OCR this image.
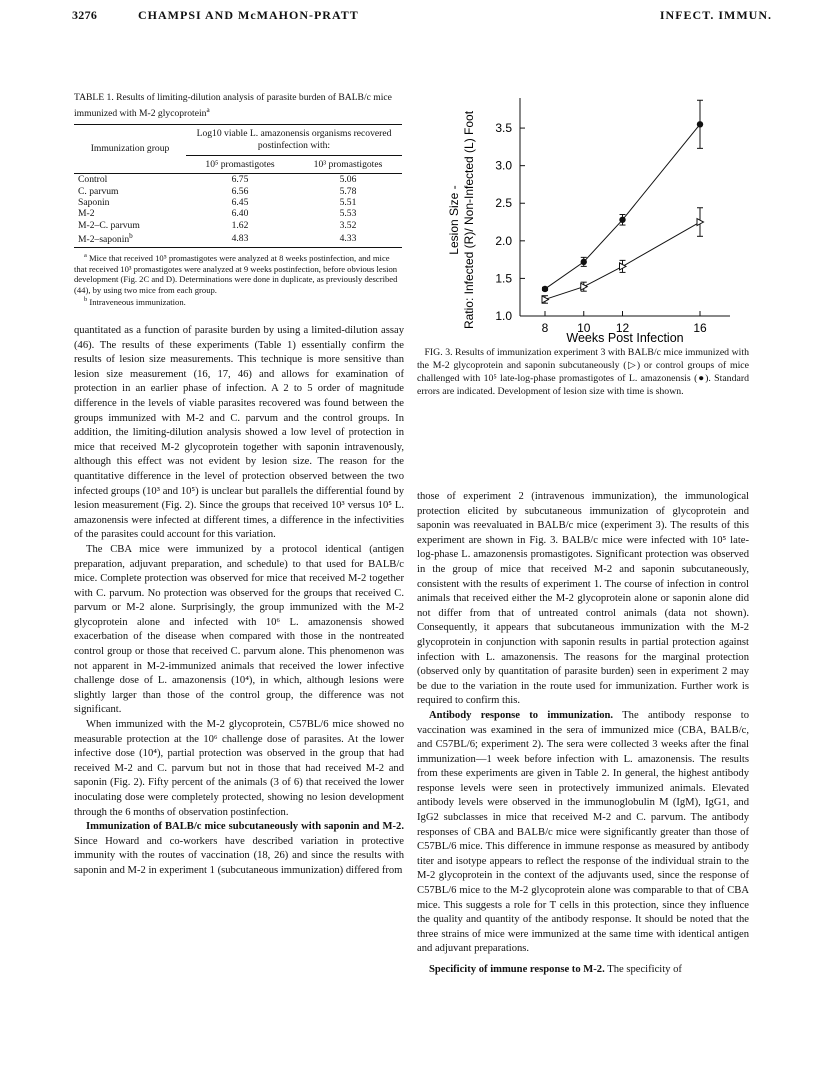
3276	CHAMPSI AND McMAHON-PRATT	INFECT. IMMUN.
TABLE 1. Results of limiting-dilution analysis of parasite burden of BALB/c mice immunized with M-2 glycoprotein$^a$
Immunization group	Log10 viable L. amazonensis organisms recovered postinfection with:	
	10⁵ promastigotes	10³ promastigotes
Control	6.75	5.06
C. parvum	6.56	5.78
Saponin	6.45	5.51
M-2	6.40	5.53
M-2–C. parvum	1.62	3.52
M-2–saponin$^b$	4.83	4.33
$^a$ Mice that received 10⁵ promastigotes were analyzed at 8 weeks postinfection, and mice that received 10³ promastigotes were analyzed at 9 weeks postinfection, before obvious lesion development (Fig. 2C and D). Determinations were done in duplicate, as previously described (44), by using two mice from each group.
$^b$ Intraveneous immunization.
Lesion Size - Ratio: Infected (R)/ Non-Infected (L) Foot 1.0
1.5
2.0
2.5
3.0
3.5
8 10 12	16
Weeks Post Infection
FIG. 3. Results of immunization experiment 3 with BALB/c mice immunized with the M-2 glycoprotein and saponin subcutaneously (▷) or control groups of mice challenged with 10⁵ late-log-phase promastigotes of L. amazonensis (●). Standard errors are indicated. Development of lesion size with time is shown.

quantitated as a function of parasite burden by using a limited-dilution assay (46). The results of these experiments (Table 1) essentially confirm the results of lesion size measurements. This technique is more sensitive than lesion size measurement (16, 17, 46) and allows for examination of protection in an earlier phase of infection. A 2 to 5 order of magnitude difference in the levels of viable parasites recovered was found between the groups immunized with M-2 and C. parvum and the control groups. In addition, the limiting-dilution analysis showed a low level of protection in mice that received M-2 glycoprotein together with saponin intravenously, although this effect was not evident by lesion size. The reason for the quantitative difference in the level of protection observed between the two infected groups (10³ and 10⁵) is unclear but parallels the differential found by lesion measurement (Fig. 2). Since the groups that received 10³ versus 10⁵ L. amazonensis were infected at different times, a difference in the infectivities of the parasites could account for this variation.

The CBA mice were immunized by a protocol identical (antigen preparation, adjuvant preparation, and schedule) to that used for BALB/c mice. Complete protection was observed for mice that received M-2 together with C. parvum. No protection was observed for the groups that received C. parvum or M-2 alone. Surprisingly, the group immunized with the M-2 glycoprotein alone and infected with 10⁶ L. amazonensis showed exacerbation of the disease when compared with those in the nontreated control group or those that received C. parvum alone. This phenomenon was not apparent in M-2-immunized animals that received the lower infective challenge dose of L. amazonensis (10⁴), in which, although lesions were slightly larger than those of the control group, the difference was not significant.

When immunized with the M-2 glycoprotein, C57BL/6 mice showed no measurable protection at the 10⁶ challenge dose of parasites. At the lower infective dose (10⁴), partial protection was observed in the group that had received M-2 and C. parvum but not in those that had received M-2 and saponin (Fig. 2). Fifty percent of the animals (3 of 6) that received the lower inoculating dose were completely protected, showing no lesion development through the 6 months of observation postinfection.

Immunization of BALB/c mice subcutaneously with saponin and M-2. Since Howard and co-workers have described variation in protective immunity with the routes of vaccination (18, 26) and since the results with saponin and M-2 in experiment 1 (subcutaneous immunization) differed from

those of experiment 2 (intravenous immunization), the immunological protection elicited by subcutaneous immunization of glycoprotein and saponin was reevaluated in BALB/c mice (experiment 3). The results of this experiment are shown in Fig. 3. BALB/c mice were infected with 10⁵ late-log-phase L. amazonensis promastigotes. Significant protection was observed in the group of mice that received M-2 and saponin subcutaneously, consistent with the results of experiment 1. The course of infection in control animals that received either the M-2 glycoprotein alone or saponin alone did not differ from that of untreated control animals (data not shown). Consequently, it appears that subcutaneous immunization with the M-2 glycoprotein in conjunction with saponin results in partial protection against infection with L. amazonensis. The reasons for the marginal protection (observed only by quantitation of parasite burden) seen in experiment 2 may be due to the variation in the route used for immunization. Further work is required to confirm this.

Antibody response to immunization. The antibody response to vaccination was examined in the sera of immunized mice (CBA, BALB/c, and C57BL/6; experiment 2). The sera were collected 3 weeks after the final immunization—1 week before infection with L. amazonensis. The results from these experiments are given in Table 2. In general, the highest antibody response levels were seen in protectively immunized animals. Elevated antibody levels were observed in the immunoglobulin M (IgM), IgG1, and IgG2 subclasses in mice that received M-2 and C. parvum. The antibody responses of CBA and BALB/c mice were significantly greater than those of C57BL/6 mice. This difference in immune response as measured by antibody titer and isotype appears to reflect the response of the individual strain to the M-2 glycoprotein in the context of the adjuvants used, since the response of C57BL/6 mice to the M-2 glycoprotein alone was comparable to that of CBA mice. This suggests a role for T cells in this protection, since they influence the quality and quantity of the antibody response. It should be noted that the three strains of mice were immunized at the same time with identical antigen and adjuvant preparations.

Specificity of immune response to M-2. The specificity of
